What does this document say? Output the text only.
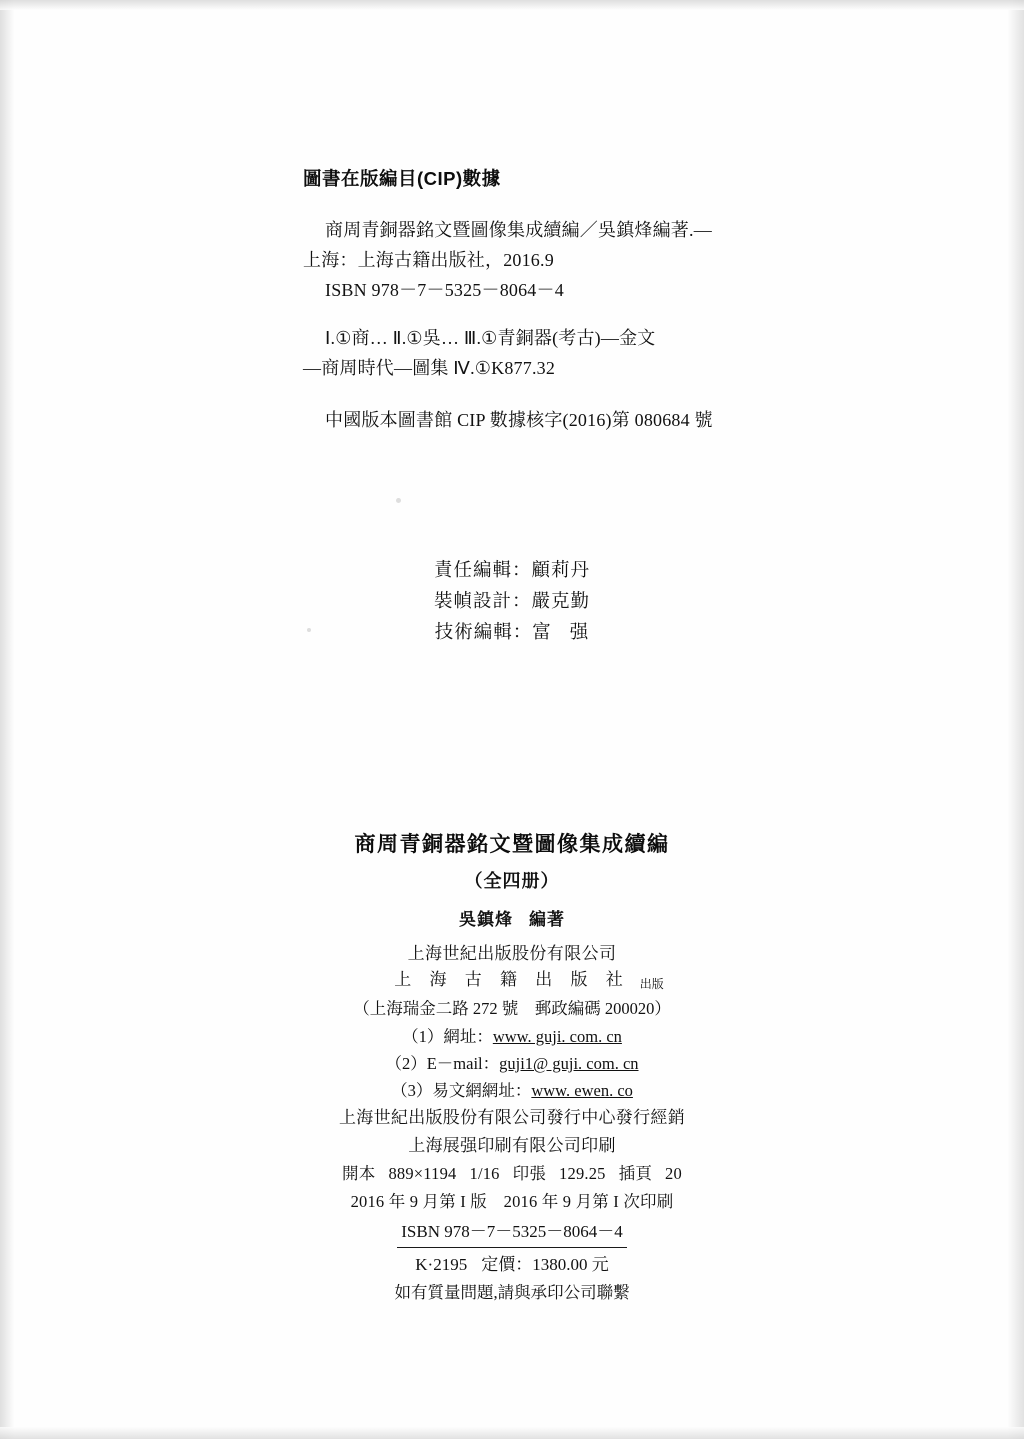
圖書在版編目(CIP)數據
商周青銅器銘文暨圖像集成續編／吳鎮烽編著.—
上海：上海古籍出版社，2016.9
ISBN 978－7－5325－8064－4
Ⅰ.①商… Ⅱ.①吳… Ⅲ.①青銅器(考古)—金文
—商周時代—圖集 Ⅳ.①K877.32
中國版本圖書館 CIP 數據核字(2016)第 080684 號
責任編輯：顧莉丹
裝幀設計：嚴克勤
技術編輯：富 强
商周青銅器銘文暨圖像集成續編
（全四册）
吳鎮烽 編著
上海世紀出版股份有限公司
上 海 古 籍 出 版 社 出版
（上海瑞金二路 272 號　郵政編碼 200020）
（1）網址：www. guji. com. cn
（2）E－mail：guji1@ guji. com. cn
（3）易文網網址：www. ewen. co
上海世紀出版股份有限公司發行中心發行經銷
上海展强印刷有限公司印刷
開本 889×1194 1/16 印張 129.25 插頁 20
2016 年 9 月第 I 版　2016 年 9 月第 I 次印刷
ISBN 978－7－5325－8064－4
K·2195 定價：1380.00 元
如有質量問題,請與承印公司聯繫
